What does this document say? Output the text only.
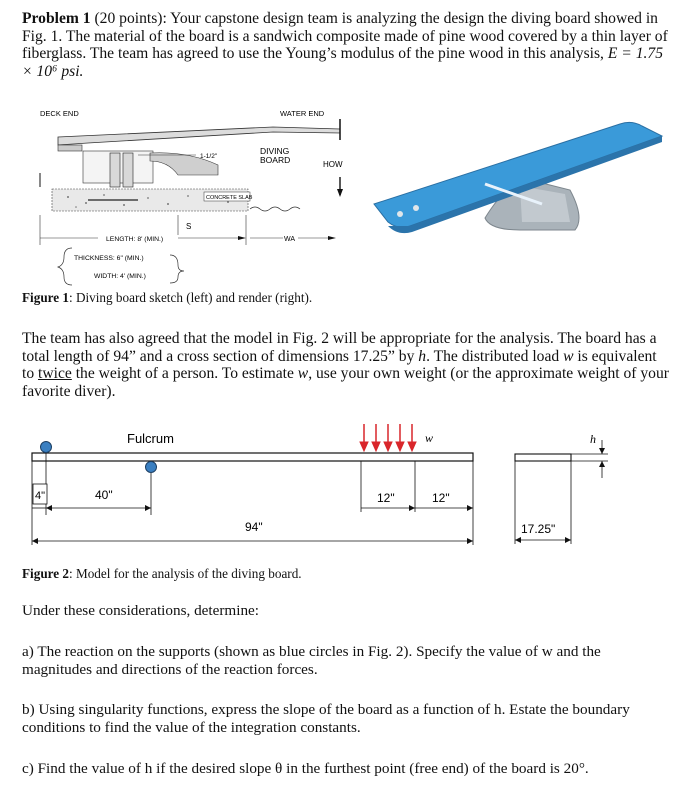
Problem 1 (20 points): Your capstone design team is analyzing the design the diving board showed in Fig. 1. The material of the board is a sandwich composite made of pine wood covered by a thin layer of fiberglass. The team has agreed to use the Young’s modulus of the pine wood in this analysis, E = 1.75 × 10⁶ psi.
DECK END	WATER END
1-1/2"
DIVING
BOARD	HOW
CONCRETE SLAB
S
LENGTH: 8' (MIN.)	WA
THICKNESS: 6" (MIN.)
WIDTH: 4' (MIN.)
Figure 1: Diving board sketch (left) and render (right).
The team has also agreed that the model in Fig. 2 will be appropriate for the analysis. The board has a total length of 94” and a cross section of dimensions 17.25” by h. The distributed load w is equivalent to twice the weight of a person. To estimate w, use your own weight (or the approximate weight of your favorite diver).
Fulcrum	w
4"	40"	12"	12"
94"	17.25"
h
Figure 2: Model for the analysis of the diving board.
Under these considerations, determine:
a) The reaction on the supports (shown as blue circles in Fig. 2). Specify the value of w and the magnitudes and directions of the reaction forces.
b) Using singularity functions, express the slope of the board as a function of h. Estate the boundary conditions to find the value of the integration constants.
c) Find the value of h if the desired slope θ in the furthest point (free end) of the board is 20°.
